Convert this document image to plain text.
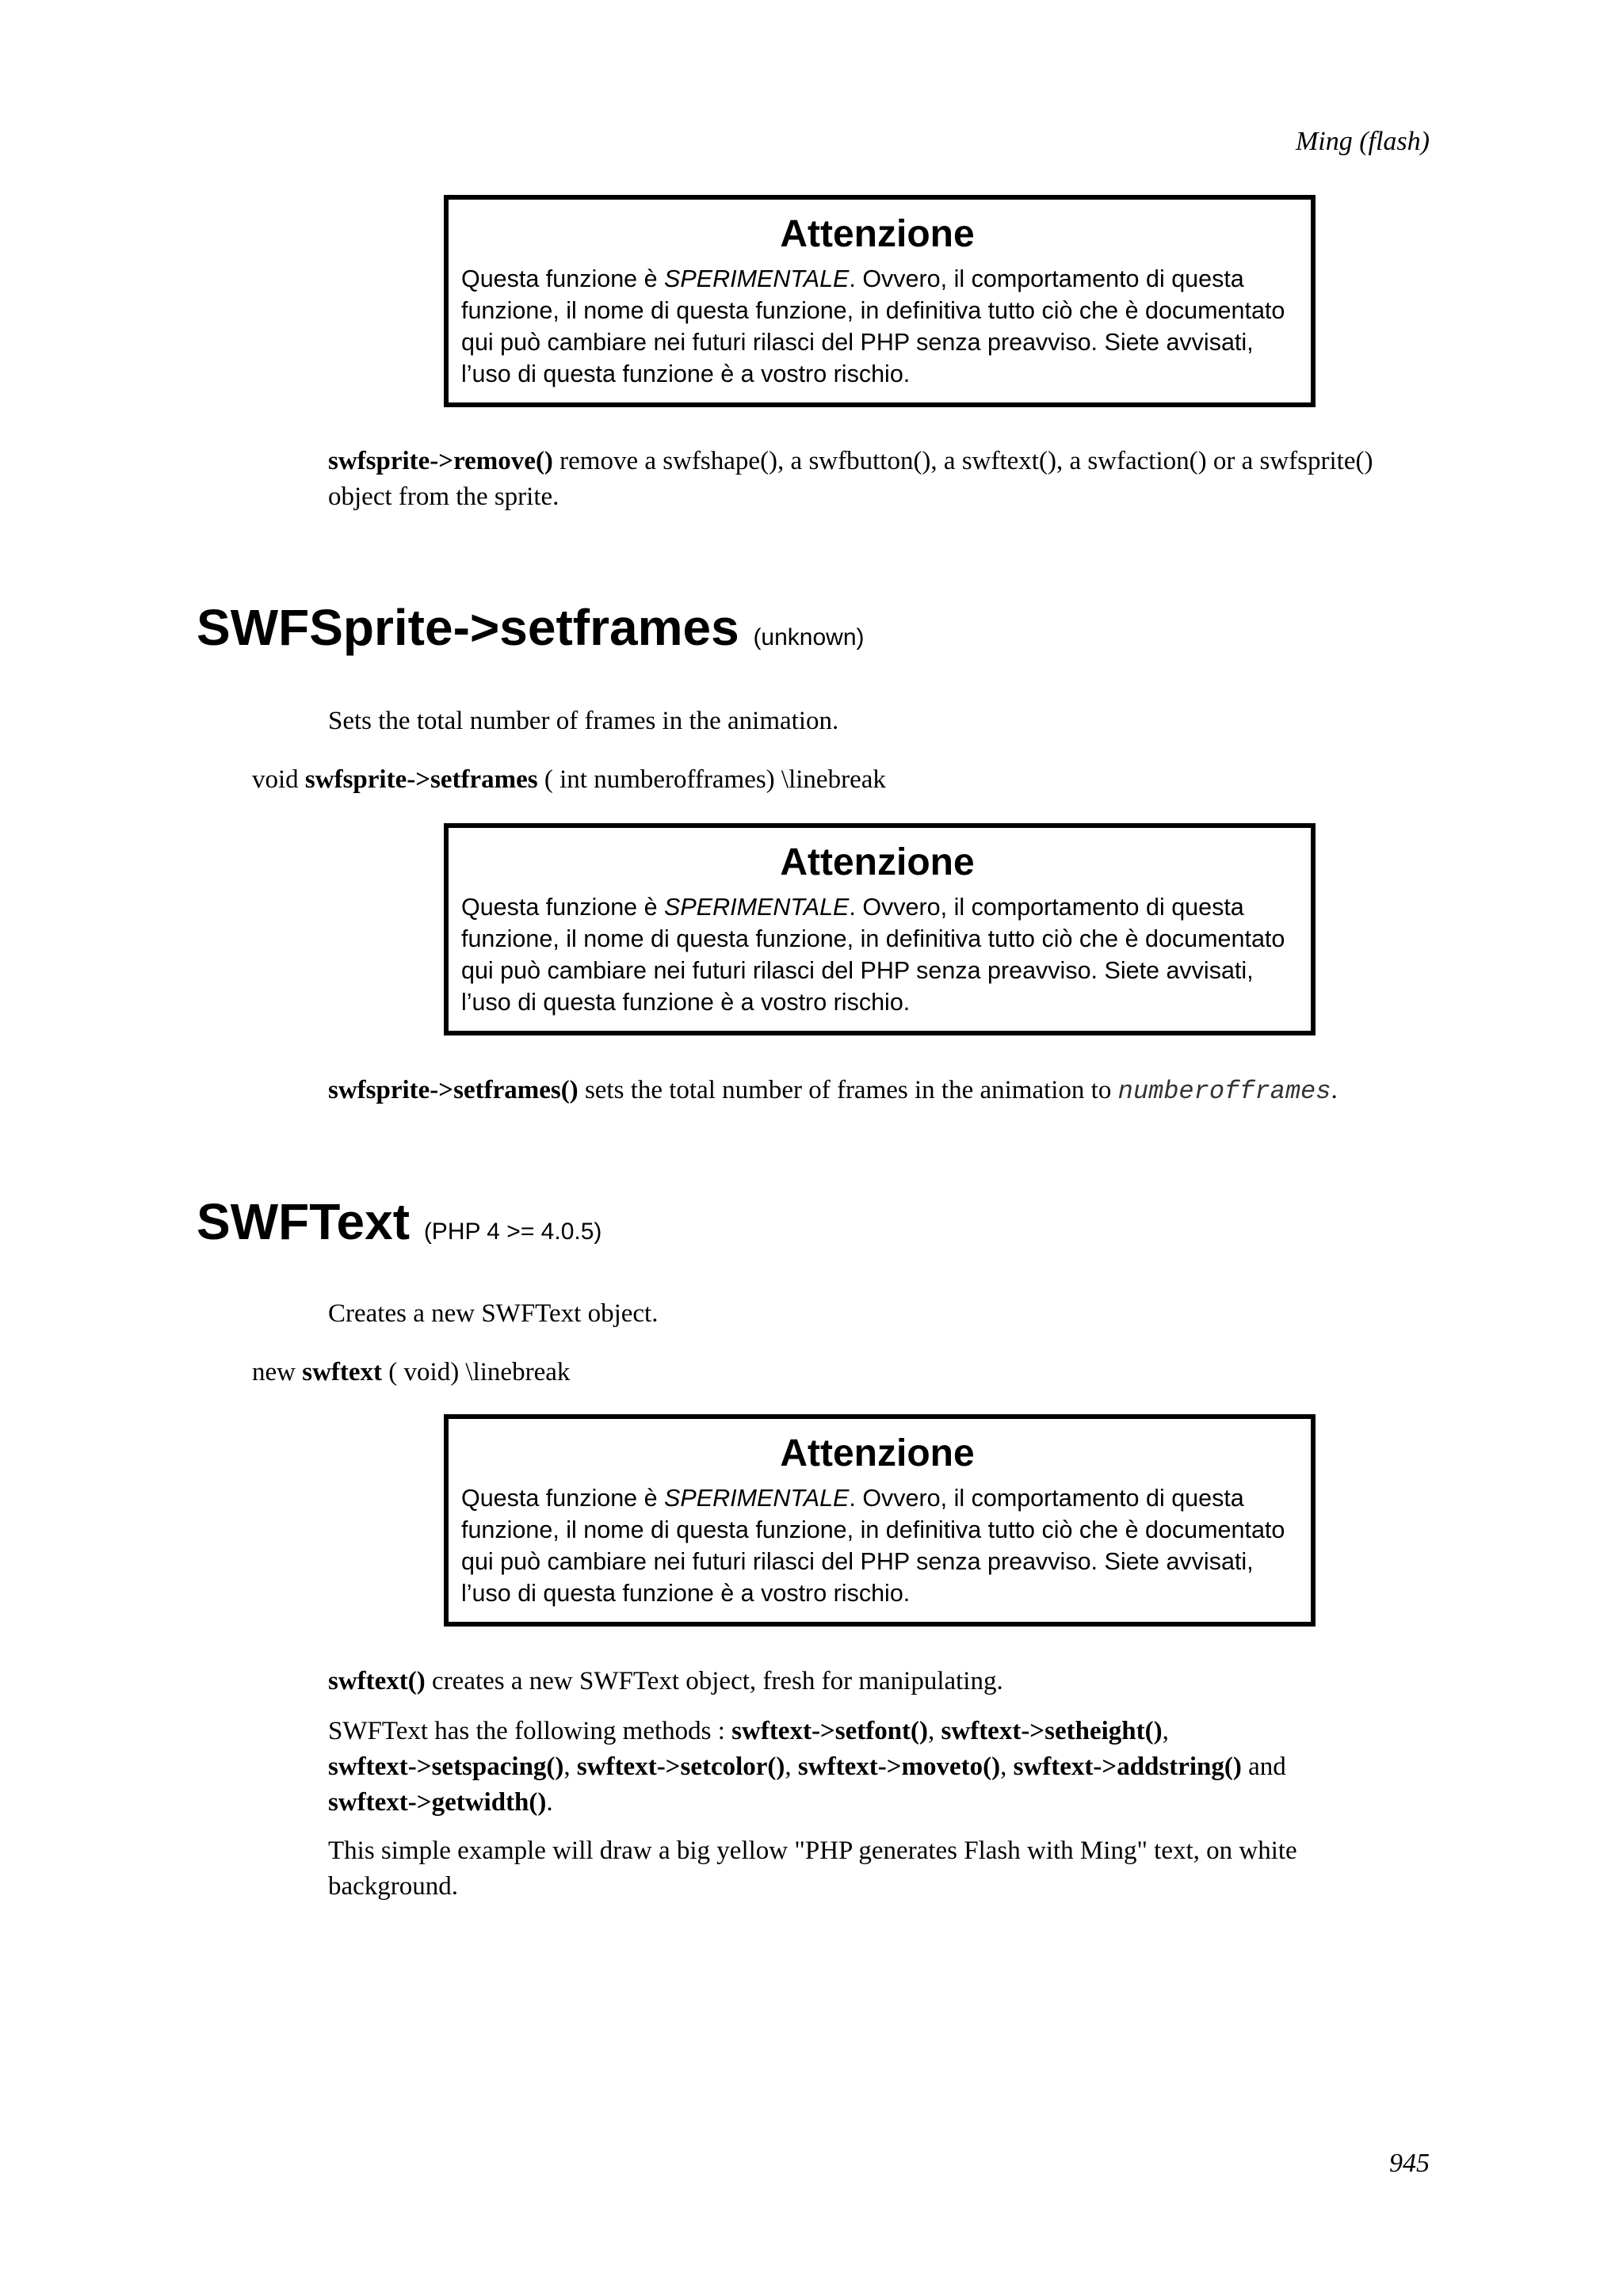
Ming (flash)
Attenzione
Questa funzione è SPERIMENTALE. Ovvero, il comportamento di questa
funzione, il nome di questa funzione, in definitiva tutto ciò che è documentato
qui può cambiare nei futuri rilasci del PHP senza preavviso. Siete avvisati,
l’uso di questa funzione è a vostro rischio.
swfsprite->remove() remove a swfshape(), a swfbutton(), a swftext(), a swfaction() or a swfsprite()
object from the sprite.
SWFSprite->setframes (unknown)
Sets the total number of frames in the animation.
void swfsprite->setframes ( int numberofframes) \linebreak
Attenzione
Questa funzione è SPERIMENTALE. Ovvero, il comportamento di questa
funzione, il nome di questa funzione, in definitiva tutto ciò che è documentato
qui può cambiare nei futuri rilasci del PHP senza preavviso. Siete avvisati,
l’uso di questa funzione è a vostro rischio.
swfsprite->setframes() sets the total number of frames in the animation to numberofframes.
SWFText (PHP 4 >= 4.0.5)
Creates a new SWFText object.
new swftext ( void) \linebreak
Attenzione
Questa funzione è SPERIMENTALE. Ovvero, il comportamento di questa
funzione, il nome di questa funzione, in definitiva tutto ciò che è documentato
qui può cambiare nei futuri rilasci del PHP senza preavviso. Siete avvisati,
l’uso di questa funzione è a vostro rischio.
swftext() creates a new SWFText object, fresh for manipulating.
SWFText has the following methods : swftext->setfont(), swftext->setheight(),
swftext->setspacing(), swftext->setcolor(), swftext->moveto(), swftext->addstring() and
swftext->getwidth().
This simple example will draw a big yellow "PHP generates Flash with Ming" text, on white
background.
945
